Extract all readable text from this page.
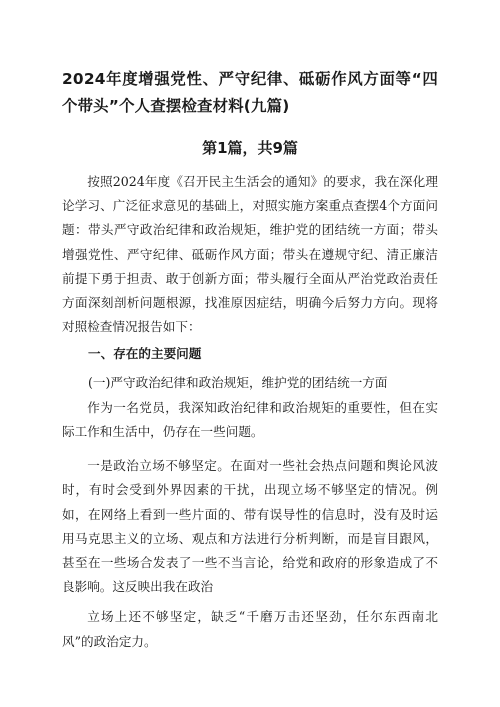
2024年度增强党性、严守纪律、砥砺作风方面等“四个带头”个人查摆检查材料(九篇)
第1篇，共9篇

按照2024年度《召开民主生活会的通知》的要求，我在深化理论学习、广泛征求意见的基础上，对照实施方案重点查摆4个方面问题：带头严守政治纪律和政治规矩，维护党的团结统一方面；带头增强党性、严守纪律、砥砺作风方面；带头在遵规守纪、清正廉洁前提下勇于担责、敢于创新方面；带头履行全面从严治党政治责任方面深刻剖析问题根源，找准原因症结，明确今后努力方向。现将对照检查情况报告如下：

一、存在的主要问题

(一)严守政治纪律和政治规矩，维护党的团结统一方面

作为一名党员，我深知政治纪律和政治规矩的重要性，但在实际工作和生活中，仍存在一些问题。

一是政治立场不够坚定。在面对一些社会热点问题和舆论风波时，有时会受到外界因素的干扰，出现立场不够坚定的情况。例如，在网络上看到一些片面的、带有误导性的信息时，没有及时运用马克思主义的立场、观点和方法进行分析判断，而是盲目跟风，甚至在一些场合发表了一些不当言论，给党和政府的形象造成了不良影响。这反映出我在政治

立场上还不够坚定，缺乏“千磨万击还坚劲，任尔东西南北风”的政治定力。
